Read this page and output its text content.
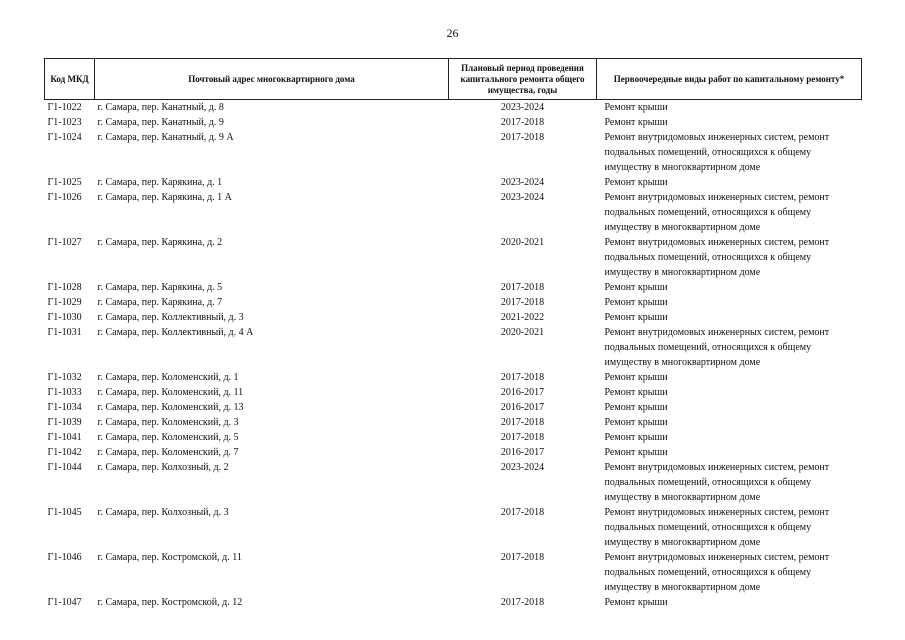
26
Код МКД	Почтовый адрес многоквартирного дома	Плановый период проведения капитального ремонта общего имущества, годы	Первоочередные виды работ по капитальному ремонту*
Г1-1022	г. Самара, пер. Канатный, д. 8	2023-2024	Ремонт крыши
Г1-1023	г. Самара, пер. Канатный, д. 9	2017-2018	Ремонт крыши
Г1-1024	г. Самара, пер. Канатный, д. 9 А	2017-2018	Ремонт внутридомовых инженерных систем, ремонт подвальных помещений, относящихся к общему имуществу в многоквартирном доме
Г1-1025	г. Самара, пер. Карякина, д. 1	2023-2024	Ремонт крыши
Г1-1026	г. Самара, пер. Карякина, д. 1 А	2023-2024	Ремонт внутридомовых инженерных систем, ремонт подвальных помещений, относящихся к общему имуществу в многоквартирном доме
Г1-1027	г. Самара, пер. Карякина, д. 2	2020-2021	Ремонт внутридомовых инженерных систем, ремонт подвальных помещений, относящихся к общему имуществу в многоквартирном доме
Г1-1028	г. Самара, пер. Карякина, д. 5	2017-2018	Ремонт крыши
Г1-1029	г. Самара, пер. Карякина, д. 7	2017-2018	Ремонт крыши
Г1-1030	г. Самара, пер. Коллективный, д. 3	2021-2022	Ремонт крыши
Г1-1031	г. Самара, пер. Коллективный, д. 4 А	2020-2021	Ремонт внутридомовых инженерных систем, ремонт подвальных помещений, относящихся к общему имуществу в многоквартирном доме
Г1-1032	г. Самара, пер. Коломенский, д. 1	2017-2018	Ремонт крыши
Г1-1033	г. Самара, пер. Коломенский, д. 11	2016-2017	Ремонт крыши
Г1-1034	г. Самара, пер. Коломенский, д. 13	2016-2017	Ремонт крыши
Г1-1039	г. Самара, пер. Коломенский, д. 3	2017-2018	Ремонт крыши
Г1-1041	г. Самара, пер. Коломенский, д. 5	2017-2018	Ремонт крыши
Г1-1042	г. Самара, пер. Коломенский, д. 7	2016-2017	Ремонт крыши
Г1-1044	г. Самара, пер. Колхозный, д. 2	2023-2024	Ремонт внутридомовых инженерных систем, ремонт подвальных помещений, относящихся к общему имуществу в многоквартирном доме
Г1-1045	г. Самара, пер. Колхозный, д. 3	2017-2018	Ремонт внутридомовых инженерных систем, ремонт подвальных помещений, относящихся к общему имуществу в многоквартирном доме
Г1-1046	г. Самара, пер. Костромской, д. 11	2017-2018	Ремонт внутридомовых инженерных систем, ремонт подвальных помещений, относящихся к общему имуществу в многоквартирном доме
Г1-1047	г. Самара, пер. Костромской, д. 12	2017-2018	Ремонт крыши
